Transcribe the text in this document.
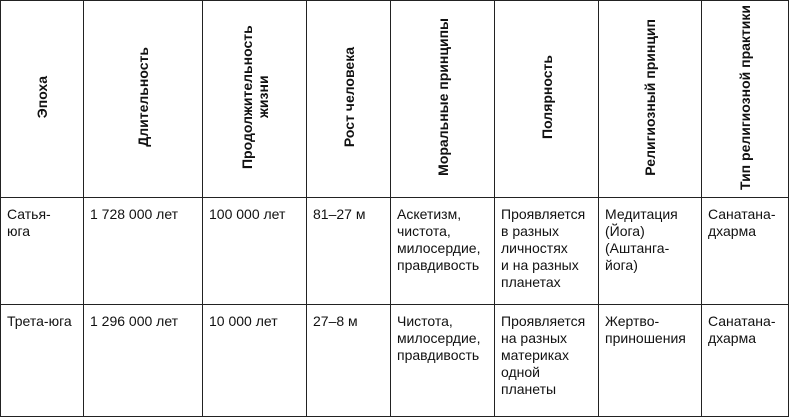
Эпоха	Длительность	Продолжительность жизни	Рост человека	Моральные принципы	Полярность	Религиозный принцип	Тип религиозной практики

Сатья-
юга	1 728 000 лет	100 000 лет	81–27 м	Аскетизм,
чистота,
милосердие,
правдивость	Проявляется
в разных
личностях
и на разных
планетах	Медитация
(Йога)
(Аштанга-
йога)	Санатана-
дхарма

Трета-юга	1 296 000 лет	10 000 лет	27–8 м	Чистота,
милосердие,
правдивость	Проявляется
на разных
материках
одной
планеты	Жертво-
приношения	Санатана-
дхарма
